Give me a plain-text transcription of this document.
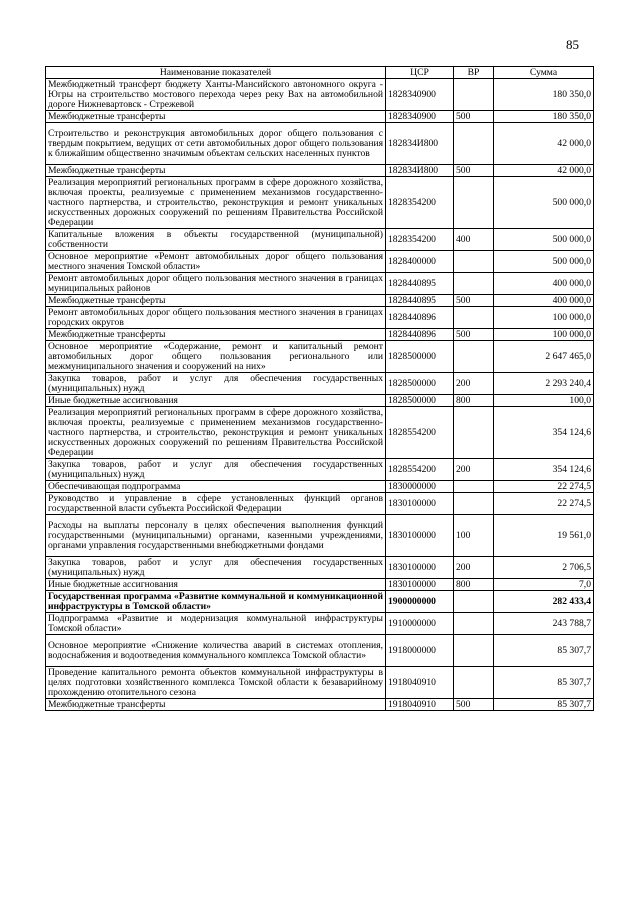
85
Наименование показателей	ЦСР	ВР	Сумма
Межбюджетный трансферт бюджету Ханты-Мансийского автономного округа - Югры на строительство мостового перехода через реку Вах на автомобильной дороге Нижневартовск - Стрежевой	1828340900		180 350,0
Межбюджетные трансферты	1828340900	500	180 350,0
Строительство и реконструкция автомобильных дорог общего пользования с твердым покрытием, ведущих от сети автомобильных дорог общего пользования к ближайшим общественно значимым объектам сельских населенных пунктов	182834И800		42 000,0
Межбюджетные трансферты	182834И800	500	42 000,0
Реализация мероприятий региональных программ в сфере дорожного хозяйства, включая проекты, реализуемые с применением механизмов государственно-частного партнерства, и строительство, реконструкция и ремонт уникальных искусственных дорожных сооружений по решениям Правительства Российской Федерации	1828354200		500 000,0
Капитальные вложения в объекты государственной (муниципальной) собственности	1828354200	400	500 000,0
Основное мероприятие «Ремонт автомобильных дорог общего пользования местного значения Томской области»	1828400000		500 000,0
Ремонт автомобильных дорог общего пользования местного значения в границах муниципальных районов	1828440895		400 000,0
Межбюджетные трансферты	1828440895	500	400 000,0
Ремонт автомобильных дорог общего пользования местного значения в границах городских округов	1828440896		100 000,0
Межбюджетные трансферты	1828440896	500	100 000,0
Основное мероприятие «Содержание, ремонт и капитальный ремонт автомобильных дорог общего пользования регионального или межмуниципального значения и сооружений на них»	1828500000		2 647 465,0
Закупка товаров, работ и услуг для обеспечения государственных (муниципальных) нужд	1828500000	200	2 293 240,4
Иные бюджетные ассигнования	1828500000	800	100,0
Реализация мероприятий региональных программ в сфере дорожного хозяйства, включая проекты, реализуемые с применением механизмов государственно-частного партнерства, и строительство, реконструкция и ремонт уникальных искусственных дорожных сооружений по решениям Правительства Российской Федерации	1828554200		354 124,6
Закупка товаров, работ и услуг для обеспечения государственных (муниципальных) нужд	1828554200	200	354 124,6
Обеспечивающая подпрограмма	1830000000		22 274,5
Руководство и управление в сфере установленных функций органов государственной власти субъекта Российской Федерации	1830100000		22 274,5
Расходы на выплаты персоналу в целях обеспечения выполнения функций государственными (муниципальными) органами, казенными учреждениями, органами управления государственными внебюджетными фондами	1830100000	100	19 561,0
Закупка товаров, работ и услуг для обеспечения государственных (муниципальных) нужд	1830100000	200	2 706,5
Иные бюджетные ассигнования	1830100000	800	7,0
Государственная программа «Развитие коммунальной и коммуникационной инфраструктуры в Томской области»	1900000000		282 433,4
Подпрограмма «Развитие и модернизация коммунальной инфраструктуры Томской области»	1910000000		243 788,7
Основное мероприятие «Снижение количества аварий в системах отопления, водоснабжения и водоотведения коммунального комплекса Томской области»	1918000000		85 307,7
Проведение капитального ремонта объектов коммунальной инфраструктуры в целях подготовки хозяйственного комплекса Томской области к безаварийному прохождению отопительного сезона	1918040910		85 307,7
Межбюджетные трансферты	1918040910	500	85 307,7
